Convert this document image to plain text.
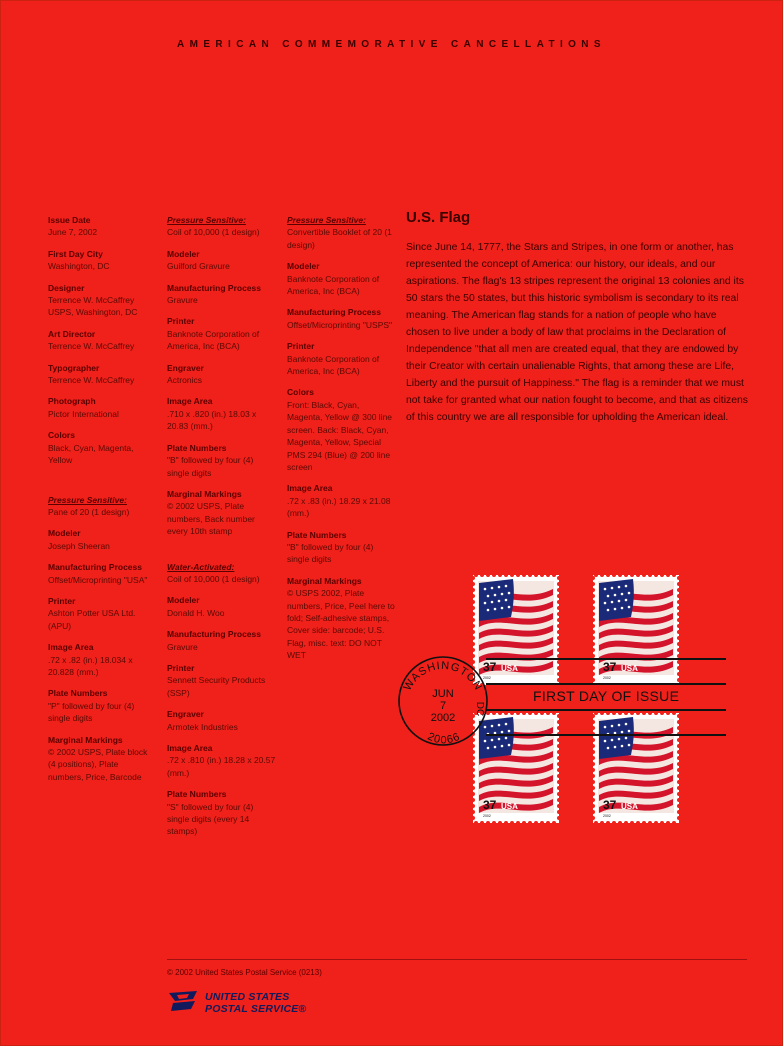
AMERICAN COMMEMORATIVE CANCELLATIONS
Issue Date
June 7, 2002
First Day City
Washington, DC
Designer
Terrence W. McCaffrey USPS, Washington, DC
Art Director
Terrence W. McCaffrey
Typographer
Terrence W. McCaffrey
Photograph
Pictor International
Colors
Black, Cyan, Magenta, Yellow
Pressure Sensitive:
Pane of 20 (1 design)
Modeler
Joseph Sheeran
Manufacturing Process
Offset/Microprinting "USA"
Printer
Ashton Potter USA Ltd. (APU)
Image Area
.72 x .82 (in.) 18.034 x 20.828 (mm.)
Plate Numbers
"P" followed by four (4) single digits
Marginal Markings
© 2002 USPS, Plate block (4 positions), Plate numbers, Price, Barcode
Pressure Sensitive:
Coil of 10,000 (1 design)
Modeler
Guilford Gravure
Manufacturing Process
Gravure
Printer
Banknote Corporation of America, Inc (BCA)
Engraver
Actronics
Image Area
.710 x .820 (in.) 18.03 x 20.83 (mm.)
Plate Numbers
"B" followed by four (4) single digits
Marginal Markings
© 2002 USPS, Plate numbers, Back number every 10th stamp
Water-Activated:
Coil of 10,000 (1 design)
Modeler
Donald H. Woo
Manufacturing Process
Gravure
Printer
Sennett Security Products (SSP)
Engraver
Armotek Industries
Image Area
.72 x .810 (in.) 18.28 x 20.57 (mm.)
Plate Numbers
"S" followed by four (4) single digits (every 14 stamps)
Pressure Sensitive:
Convertible Booklet of 20 (1 design)
Modeler
Banknote Corporation of America, Inc (BCA)
Manufacturing Process
Offset/Microprinting "USPS"
Printer
Banknote Corporation of America, Inc (BCA)
Colors
Front: Black, Cyan, Magenta, Yellow @ 300 line screen. Back: Black, Cyan, Magenta, Yellow, Special PMS 294 (Blue) @ 200 line screen
Image Area
.72 x .83 (in.) 18.29 x 21.08 (mm.)
Plate Numbers
"B" followed by four (4) single digits
Marginal Markings
© USPS 2002, Plate numbers, Price, Peel here to fold; Self-adhesive stamps, Cover side: barcode; U.S. Flag, misc. text: DO NOT WET
U.S. Flag
Since June 14, 1777, the Stars and Stripes, in one form or another, has represented the concept of America: our history, our ideals, and our aspirations. The flag's 13 stripes represent the original 13 colonies and its 50 stars the 50 states, but this historic symbolism is secondary to its real meaning. The American flag stands for a nation of people who have chosen to live under a body of law that proclaims in the Declaration of Independence "that all men are created equal, that they are endowed by their Creator with certain unalienable Rights, that among these are Life, Liberty and the pursuit of Happiness." The flag is a reminder that we must not take for granted what our nation fought to become, and that as citizens of this country we are all responsible for upholding the American ideal.
37 USA
2002
37 USA
2002
37 USA
2002
37 USA
2002
FIRST DAY OF ISSUE
WASHINGTON
DC
JUN
7
2002
20066
© 2002 United States Postal Service (0213)
UNITED STATES
POSTAL SERVICE®
